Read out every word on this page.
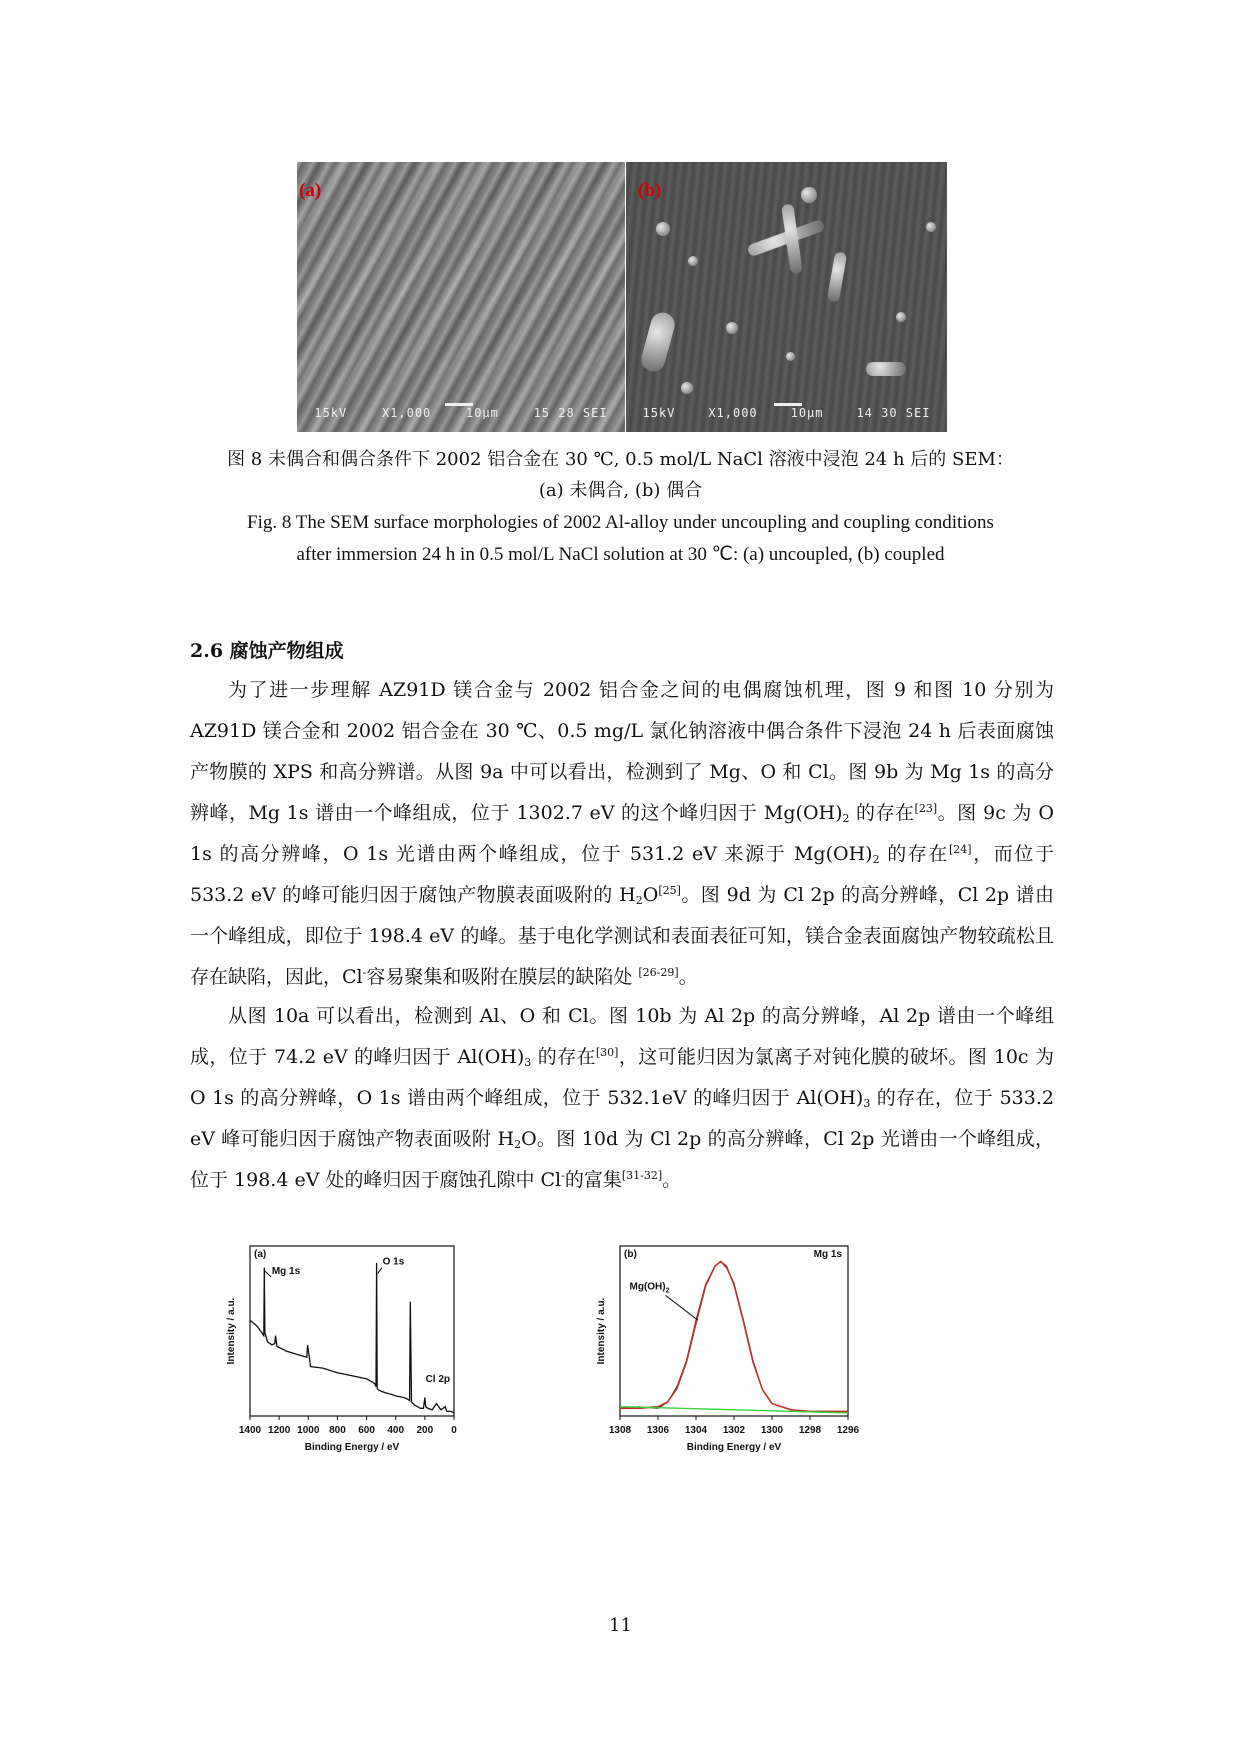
(a)
15kV	X1,000	10µm	15 28 SEI
(b)
15kV	X1,000	10µm	14 30 SEI
图 8 未偶合和偶合条件下 2002 铝合金在 30 ℃, 0.5 mol/L NaCl 溶液中浸泡 24 h 后的 SEM：
(a) 未偶合, (b) 偶合
Fig. 8 The SEM surface morphologies of 2002 Al-alloy under uncoupling and coupling conditions
after immersion 24 h in 0.5 mol/L NaCl solution at 30 ℃: (a) uncoupled, (b) coupled
2.6 腐蚀产物组成

为了进一步理解 AZ91D 镁合金与 2002 铝合金之间的电偶腐蚀机理，图 9 和图 10 分别为 AZ91D 镁合金和 2002 铝合金在 30 ℃、0.5 mg/L 氯化钠溶液中偶合条件下浸泡 24 h 后表面腐蚀产物膜的 XPS 和高分辨谱。从图 9a 中可以看出，检测到了 Mg、O 和 Cl。图 9b 为 Mg 1s 的高分辨峰，Mg 1s 谱由一个峰组成，位于 1302.7 eV 的这个峰归因于 $Mg(OH)_2$ 的存在[23]。图 9c 为 O 1s 的高分辨峰，O 1s 光谱由两个峰组成，位于 531.2 eV 来源于 $Mg(OH)_2$ 的存在[24]，而位于 533.2 eV 的峰可能归因于腐蚀产物膜表面吸附的 $H_2O[25]$。图 9d 为 Cl 2p 的高分辨峰，Cl 2p 谱由一个峰组成，即位于 198.4 eV 的峰。基于电化学测试和表面表征可知，镁合金表面腐蚀产物较疏松且存在缺陷，因此，Cl-容易聚集和吸附在膜层的缺陷处 [26-29]。

从图 10a 可以看出，检测到 Al、O 和 Cl。图 10b 为 Al 2p 的高分辨峰，Al 2p 谱由一个峰组成，位于 74.2 eV 的峰归因于 $Al(OH)_3$ 的存在[30]，这可能归因为氯离子对钝化膜的破坏。图 10c 为 O 1s 的高分辨峰，O 1s 谱由两个峰组成，位于 532.1eV 的峰归因于 $Al(OH)_3$ 的存在，位于 533.2 eV 峰可能归因于腐蚀产物表面吸附 $H_2O$。图 10d 为 Cl 2p 的高分辨峰，Cl 2p 光谱由一个峰组成，位于 198.4 eV 处的峰归因于腐蚀孔隙中 Cl-的富集[31-32]。

1400 1200 1000 800 600 400 200 0
Binding Energy / eV
Intensity / a.u.
(a)
Mg 1s
O 1s
Cl 2p
1308 1306 1304 1302 1300 1298 1296
Binding Energy / eV
Intensity / a.u.
(b)	Mg 1s
$Mg(OH)_2$
11
